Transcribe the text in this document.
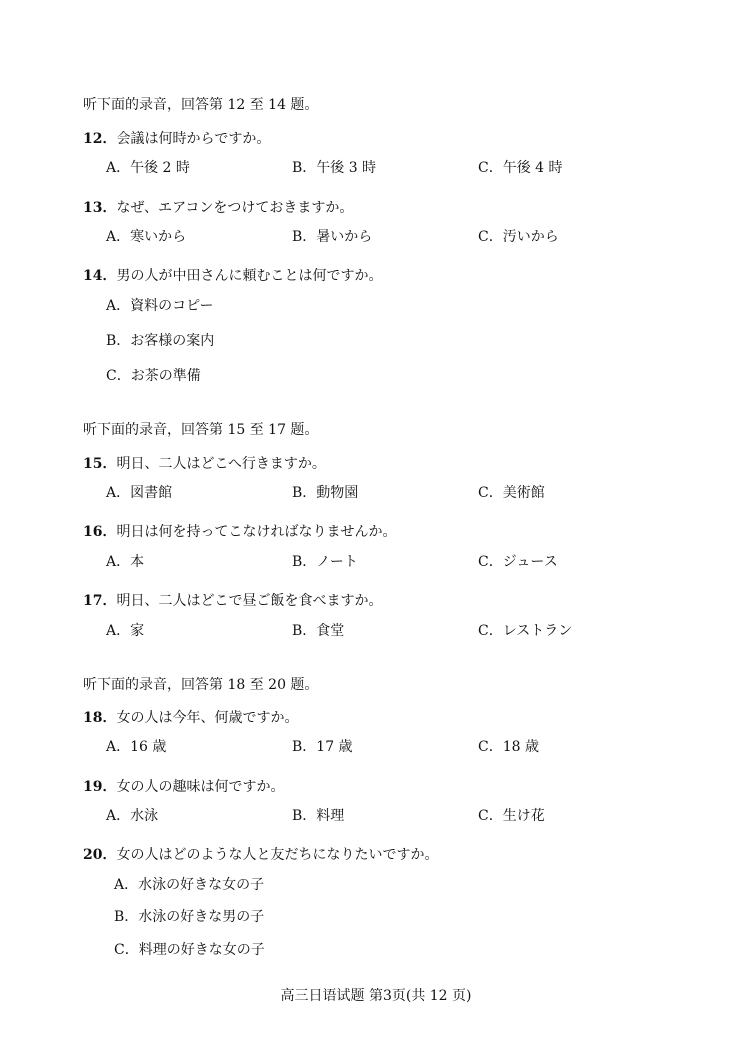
听下面的录音，回答第 12 至 14 题。
12．会議は何時からですか。
A．午後 2 時	B．午後 3 時	C．午後 4 時
13．なぜ、エアコンをつけておきますか。
A．寒いから	B．暑いから	C．汚いから
14．男の人が中田さんに頼むことは何ですか。
A．資料のコピー
B．お客様の案内
C．お茶の準備
听下面的录音，回答第 15 至 17 题。
15．明日、二人はどこへ行きますか。
A．図書館	B．動物園	C．美術館
16．明日は何を持ってこなければなりませんか。
A．本	B．ノート	C．ジュース
17．明日、二人はどこで昼ご飯を食べますか。
A．家	B．食堂	C．レストラン
听下面的录音，回答第 18 至 20 题。
18．女の人は今年、何歳ですか。
A．16 歳	B．17 歳	C．18 歳
19．女の人の趣味は何ですか。
A．水泳	B．料理	C．生け花
20．女の人はどのような人と友だちになりたいですか。
A．水泳の好きな女の子
B．水泳の好きな男の子
C．料理の好きな女の子
高三日语试题 第3页(共 12 页)
